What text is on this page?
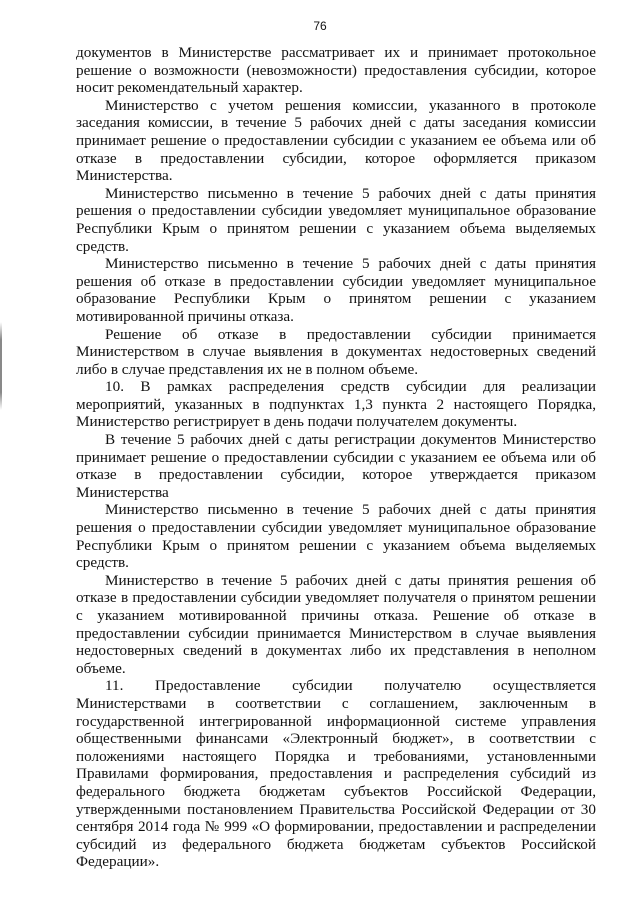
76

документов в Министерстве рассматривает их и принимает протокольное решение о возможности (невозможности) предоставления субсидии, которое носит рекомендательный характер.

Министерство с учетом решения комиссии, указанного в протоколе заседания комиссии, в течение 5 рабочих дней с даты заседания комиссии принимает решение о предоставлении субсидии с указанием ее объема или об отказе в предоставлении субсидии, которое оформляется приказом Министерства.

Министерство письменно в течение 5 рабочих дней с даты принятия решения о предоставлении субсидии уведомляет муниципальное образование Республики Крым о принятом решении с указанием объема выделяемых средств.

Министерство письменно в течение 5 рабочих дней с даты принятия решения об отказе в предоставлении субсидии уведомляет муниципальное образование Республики Крым о принятом решении с указанием мотивированной причины отказа.

Решение об отказе в предоставлении субсидии принимается Министерством в случае выявления в документах недостоверных сведений либо в случае представления их не в полном объеме.

10. В рамках распределения средств субсидии для реализации мероприятий, указанных в подпунктах 1,3 пункта 2 настоящего Порядка, Министерство регистрирует в день подачи получателем документы.

В течение 5 рабочих дней с даты регистрации документов Министерство принимает решение о предоставлении субсидии с указанием ее объема или об отказе в предоставлении субсидии, которое утверждается приказом Министерства

Министерство письменно в течение 5 рабочих дней с даты принятия решения о предоставлении субсидии уведомляет муниципальное образование Республики Крым о принятом решении с указанием объема выделяемых средств.

Министерство в течение 5 рабочих дней с даты принятия решения об отказе в предоставлении субсидии уведомляет получателя о принятом решении с указанием мотивированной причины отказа. Решение об отказе в предоставлении субсидии принимается Министерством в случае выявления недостоверных сведений в документах либо их представления в неполном объеме.

11. Предоставление субсидии получателю осуществляется Министерствами в соответствии с соглашением, заключенным в государственной интегрированной информационной системе управления общественными финансами «Электронный бюджет», в соответствии с положениями настоящего Порядка и требованиями, установленными Правилами формирования, предоставления и распределения субсидий из федерального бюджета бюджетам субъектов Российской Федерации, утвержденными постановлением Правительства Российской Федерации от 30 сентября 2014 года № 999 «О формировании, предоставлении и распределении субсидий из федерального бюджета бюджетам субъектов Российской Федерации».
